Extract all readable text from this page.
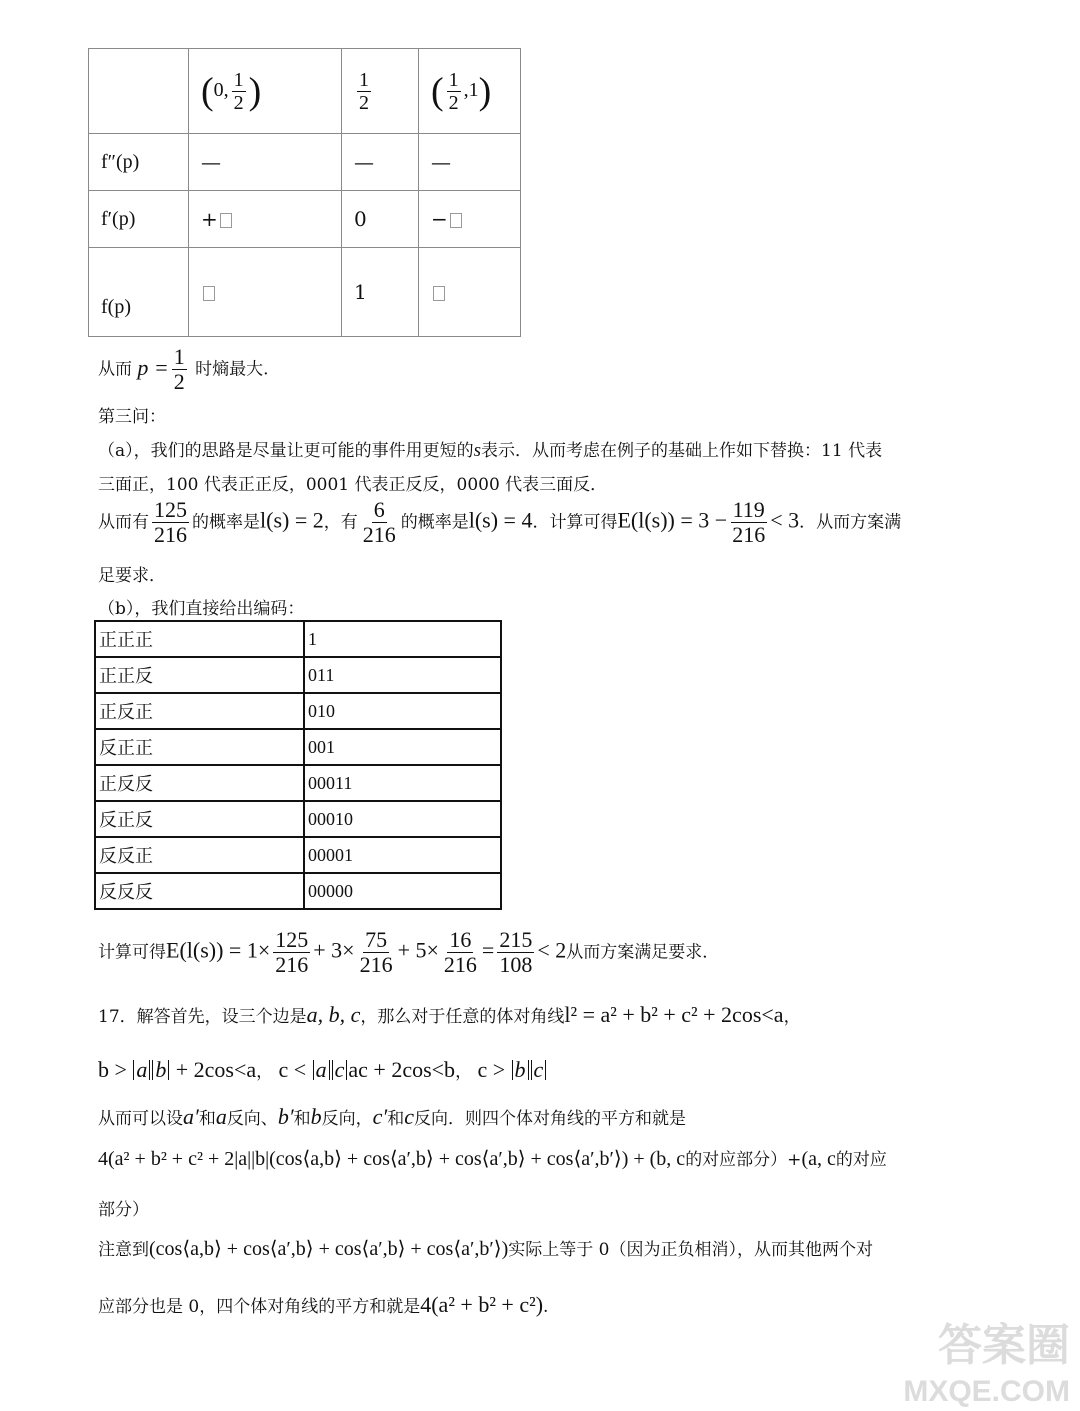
	(0, $\frac{1}{2}$ )	$\frac{1}{2}$	( $\frac{1}{2} ,1$)
f″(p)	—	—	—
f′(p)	+	0	−
f(p)		1	
从而 $p = \frac{1}{2}$ 时熵最大.
第三问：
（a），我们的思路是尽量让更可能的事件用更短的s表示．从而考虑在例子的基础上作如下替换：11 代表
三面正，100 代表正正反，0001 代表正反反，0000 代表三面反．
从而有 $\frac{125}{216}$ 的概率是l(s) = 2，有 $\frac{6}{216}$ 的概率是l(s) = 4．计算可得$E(l(s)) = 3 - \frac{119}{216} < 3$．从而方案满
足要求．
（b），我们直接给出编码：
正正正	1
正正反	011
正反正	010
反正正	001
正反反	00011
反正反	00010
反反正	00001
反反反	00000
计算可得$E(l(s)) = 1\times \frac{125}{216} + 3\times \frac{75}{216} + 5\times \frac{16}{216} = \frac{215}{108} < 2$从而方案满足要求．
17．解答首先，设三个边是a, b, c，那么对于任意的体对角线l² = a² + b² + c² + 2cos<a，
b > a b + 2cos<a， c < a c ac + 2cos<b， c > b c
从而可以设a′和a反向、b′和b反向，c′和c反向．则四个体对角线的平方和就是
4(a² + b² + c² + 2|a||b|(cos⟨a,b⟩ + cos⟨a′,b⟩ + cos⟨a′,b⟩ + cos⟨a′,b′⟩) + (b, c的对应部分）+(a, c的对应
部分）
注意到(cos⟨a,b⟩ + cos⟨a′,b⟩ + cos⟨a′,b⟩ + cos⟨a′,b′⟩)实际上等于 0（因为正负相消），从而其他两个对
应部分也是 0，四个体对角线的平方和就是4(a² + b² + c²).
答案圈
MXQE.COM
